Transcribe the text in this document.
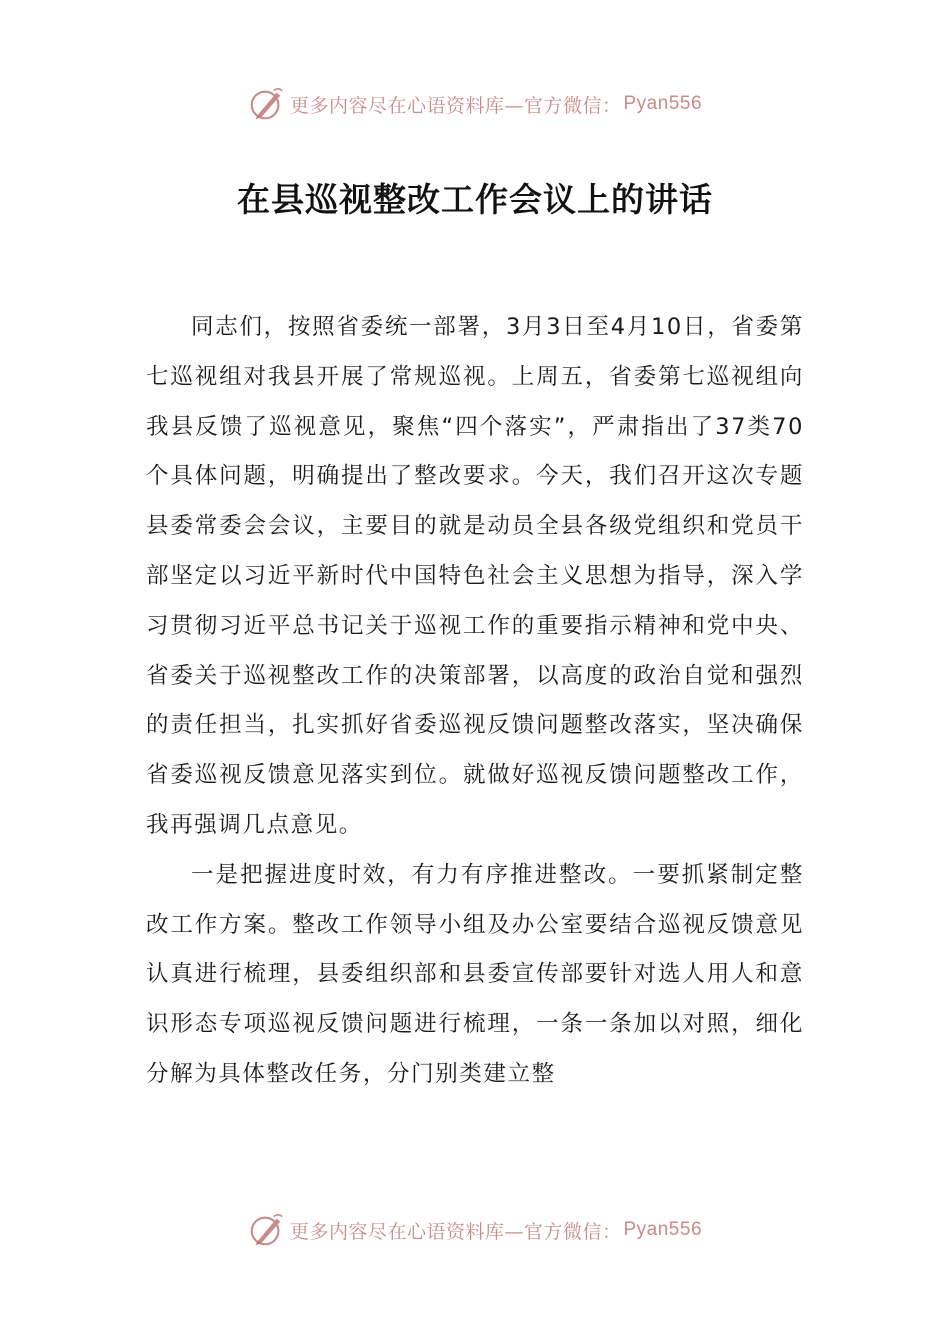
更多内容尽在心语资料库—官方微信： Pyan556
在县巡视整改工作会议上的讲话

同志们，按照省委统一部署，3月3日至4月10日，省委第七巡视组对我县开展了常规巡视。上周五，省委第七巡视组向我县反馈了巡视意见，聚焦“四个落实”，严肃指出了37类70个具体问题，明确提出了整改要求。今天，我们召开这次专题县委常委会会议，主要目的就是动员全县各级党组织和党员干部坚定以习近平新时代中国特色社会主义思想为指导，深入学习贯彻习近平总书记关于巡视工作的重要指示精神和党中央、省委关于巡视整改工作的决策部署，以高度的政治自觉和强烈的责任担当，扎实抓好省委巡视反馈问题整改落实，坚决确保省委巡视反馈意见落实到位。就做好巡视反馈问题整改工作，我再强调几点意见。

一是把握进度时效，有力有序推进整改。一要抓紧制定整改工作方案。整改工作领导小组及办公室要结合巡视反馈意见认真进行梳理，县委组织部和县委宣传部要针对选人用人和意识形态专项巡视反馈问题进行梳理，一条一条加以对照，细化分解为具体整改任务，分门别类建立整

更多内容尽在心语资料库—官方微信： Pyan556
